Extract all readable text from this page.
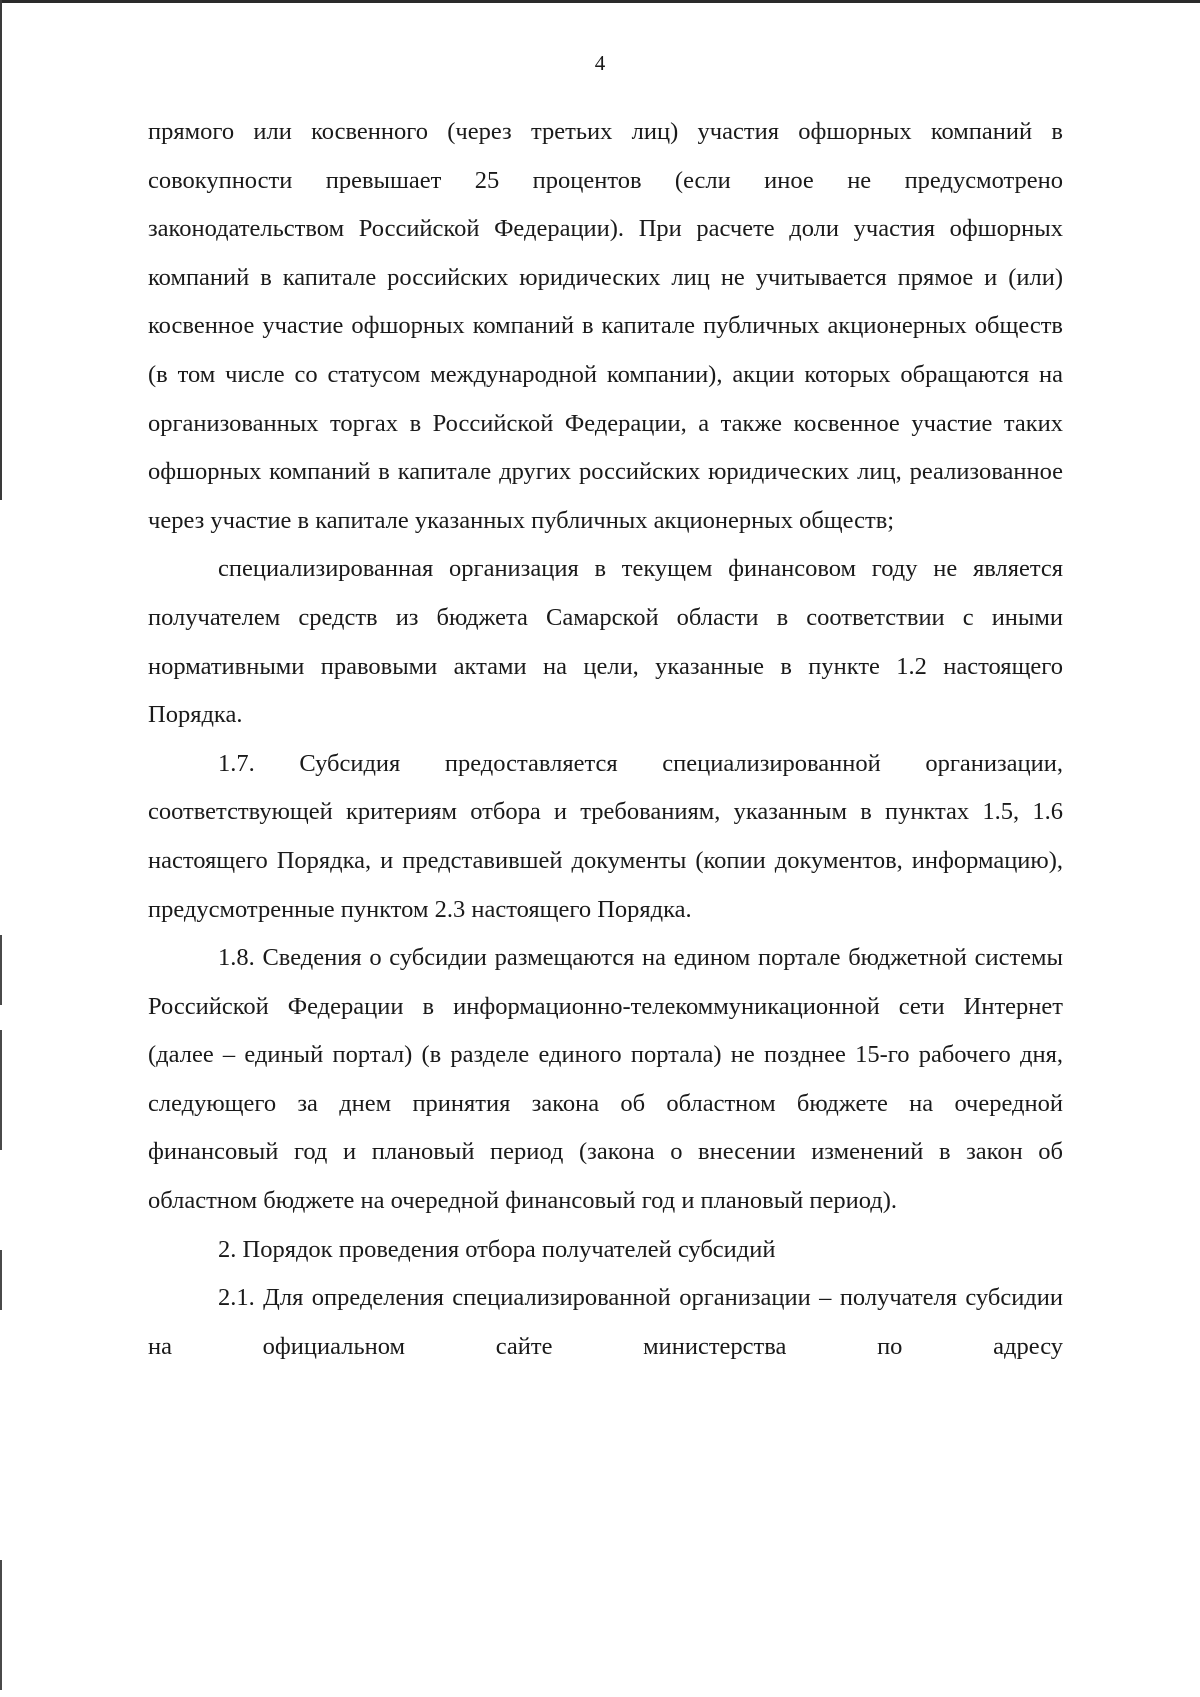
4

прямого или косвенного (через третьих лиц) участия офшорных компаний в совокупности превышает 25 процентов (если иное не предусмотрено законодательством Российской Федерации). При расчете доли участия офшорных компаний в капитале российских юридических лиц не учитывается прямое и (или) косвенное участие офшорных компаний в капитале публичных акционерных обществ (в том числе со статусом международной компании), акции которых обращаются на организованных торгах в Российской Федерации, а также косвенное участие таких офшорных компаний в капитале других российских юридических лиц, реализованное через участие в капитале указанных публичных акционерных обществ;

специализированная организация в текущем финансовом году не является получателем средств из бюджета Самарской области в соответствии с иными нормативными правовыми актами на цели, указанные в пункте 1.2 настоящего Порядка.

1.7. Субсидия предоставляется специализированной организации, соответствующей критериям отбора и требованиям, указанным в пунктах 1.5, 1.6 настоящего Порядка, и представившей документы (копии документов, информацию), предусмотренные пунктом 2.3 настоящего Порядка.

1.8. Сведения о субсидии размещаются на едином портале бюджетной системы Российской Федерации в информационно-телекоммуникационной сети Интернет (далее – единый портал) (в разделе единого портала) не позднее 15-го рабочего дня, следующего за днем принятия закона об областном бюджете на очередной финансовый год и плановый период (закона о внесении изменений в закон об областном бюджете на очередной финансовый год и плановый период).

2. Порядок проведения отбора получателей субсидий

2.1. Для определения специализированной организации – получателя субсидии на официальном сайте министерства по адресу
